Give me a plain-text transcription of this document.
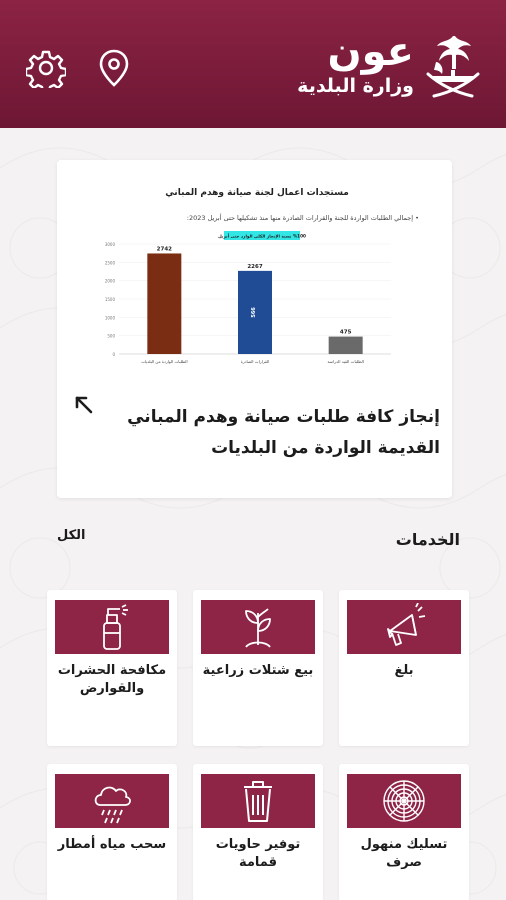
عون
وزارة البلدية
مستجدات اعمال لجنة صيانة وهدم المباني
• إجمالي الطلبات الواردة للجنة والقرارات الصادرة منها منذ تشكيلها حتى أبريل 2023:
3000
2500
2000
1500
1000
500
0
2742
الطلبات الواردة من البلديات
2267
القرارات الصادرة
566
475
الطلبات القيد الدراسة
%100 نسبة الإنجاز الكلي الوارد حتى أبريل
إنجاز كافة طلبات صيانة وهدم المباني القديمة الواردة من البلديات
الخدمات
الكل
بلغ
بيع شتلات زراعية
مكافحة الحشرات والقوارض
تسليك منهول صرف
توفير حاويات قمامة
سحب مياه أمطار
